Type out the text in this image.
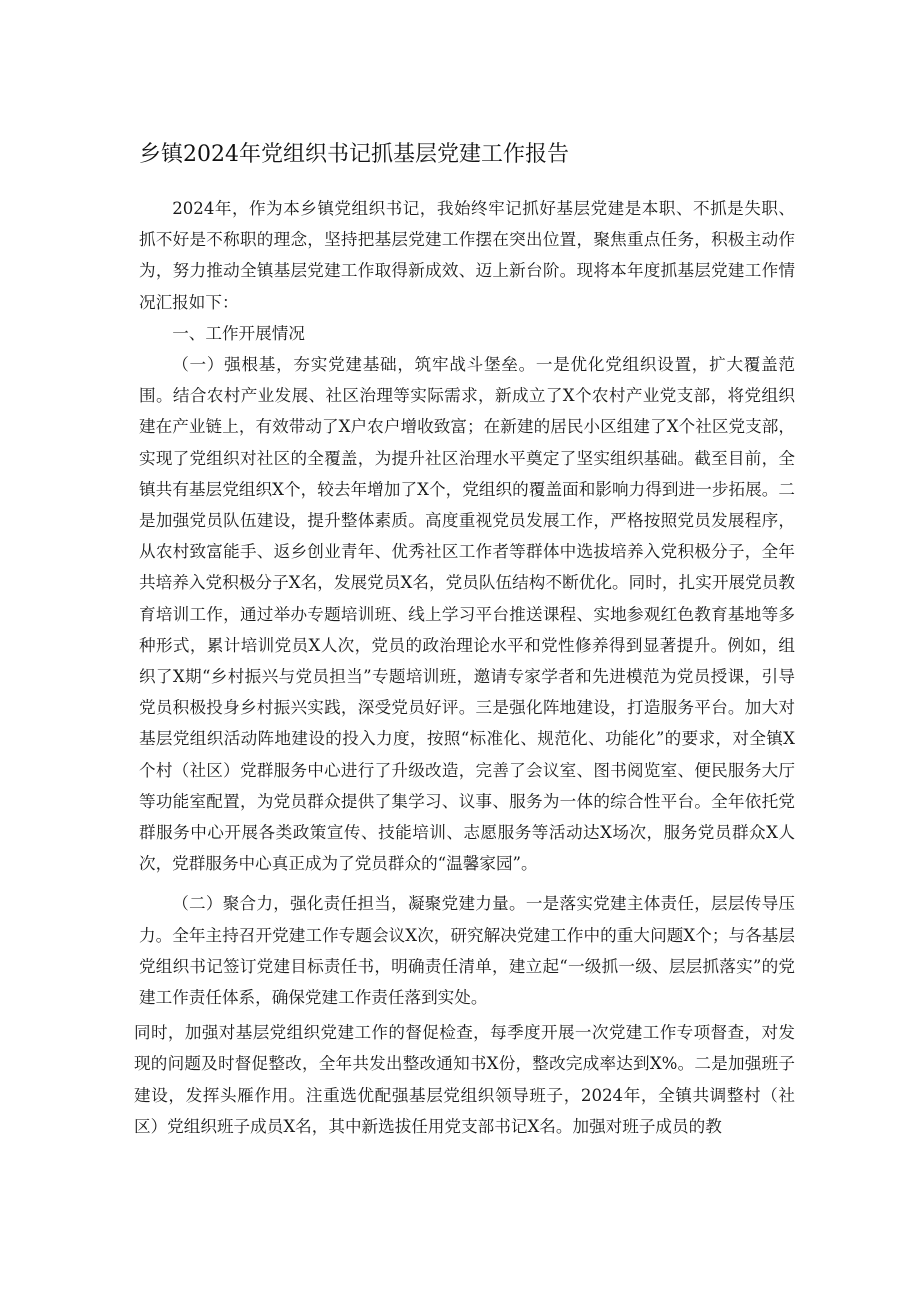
乡镇2024年党组织书记抓基层党建工作报告

2024年，作为本乡镇党组织书记，我始终牢记抓好基层党建是本职、不抓是失职、抓不好是不称职的理念，坚持把基层党建工作摆在突出位置，聚焦重点任务，积极主动作为，努力推动全镇基层党建工作取得新成效、迈上新台阶。现将本年度抓基层党建工作情况汇报如下：

一、工作开展情况

（一）强根基，夯实党建基础，筑牢战斗堡垒。一是优化党组织设置，扩大覆盖范围。结合农村产业发展、社区治理等实际需求，新成立了X个农村产业党支部，将党组织建在产业链上，有效带动了X户农户增收致富；在新建的居民小区组建了X个社区党支部，实现了党组织对社区的全覆盖，为提升社区治理水平奠定了坚实组织基础。截至目前，全镇共有基层党组织X个，较去年增加了X个，党组织的覆盖面和影响力得到进一步拓展。二是加强党员队伍建设，提升整体素质。高度重视党员发展工作，严格按照党员发展程序，从农村致富能手、返乡创业青年、优秀社区工作者等群体中选拔培养入党积极分子，全年共培养入党积极分子X名，发展党员X名，党员队伍结构不断优化。同时，扎实开展党员教育培训工作，通过举办专题培训班、线上学习平台推送课程、实地参观红色教育基地等多种形式，累计培训党员X人次，党员的政治理论水平和党性修养得到显著提升。例如，组织了X期“乡村振兴与党员担当”专题培训班，邀请专家学者和先进模范为党员授课，引导党员积极投身乡村振兴实践，深受党员好评。三是强化阵地建设，打造服务平台。加大对基层党组织活动阵地建设的投入力度，按照“标准化、规范化、功能化”的要求，对全镇X个村（社区）党群服务中心进行了升级改造，完善了会议室、图书阅览室、便民服务大厅等功能室配置，为党员群众提供了集学习、议事、服务为一体的综合性平台。全年依托党群服务中心开展各类政策宣传、技能培训、志愿服务等活动达X场次，服务党员群众X人次，党群服务中心真正成为了党员群众的“温馨家园”。

（二）聚合力，强化责任担当，凝聚党建力量。一是落实党建主体责任，层层传导压力。全年主持召开党建工作专题会议X次，研究解决党建工作中的重大问题X个；与各基层党组织书记签订党建目标责任书，明确责任清单，建立起“一级抓一级、层层抓落实”的党建工作责任体系，确保党建工作责任落到实处。

同时，加强对基层党组织党建工作的督促检查，每季度开展一次党建工作专项督查，对发现的问题及时督促整改，全年共发出整改通知书X份，整改完成率达到X%。二是加强班子建设，发挥头雁作用。注重选优配强基层党组织领导班子，2024年，全镇共调整村（社区）党组织班子成员X名，其中新选拔任用党支部书记X名。加强对班子成员的教
